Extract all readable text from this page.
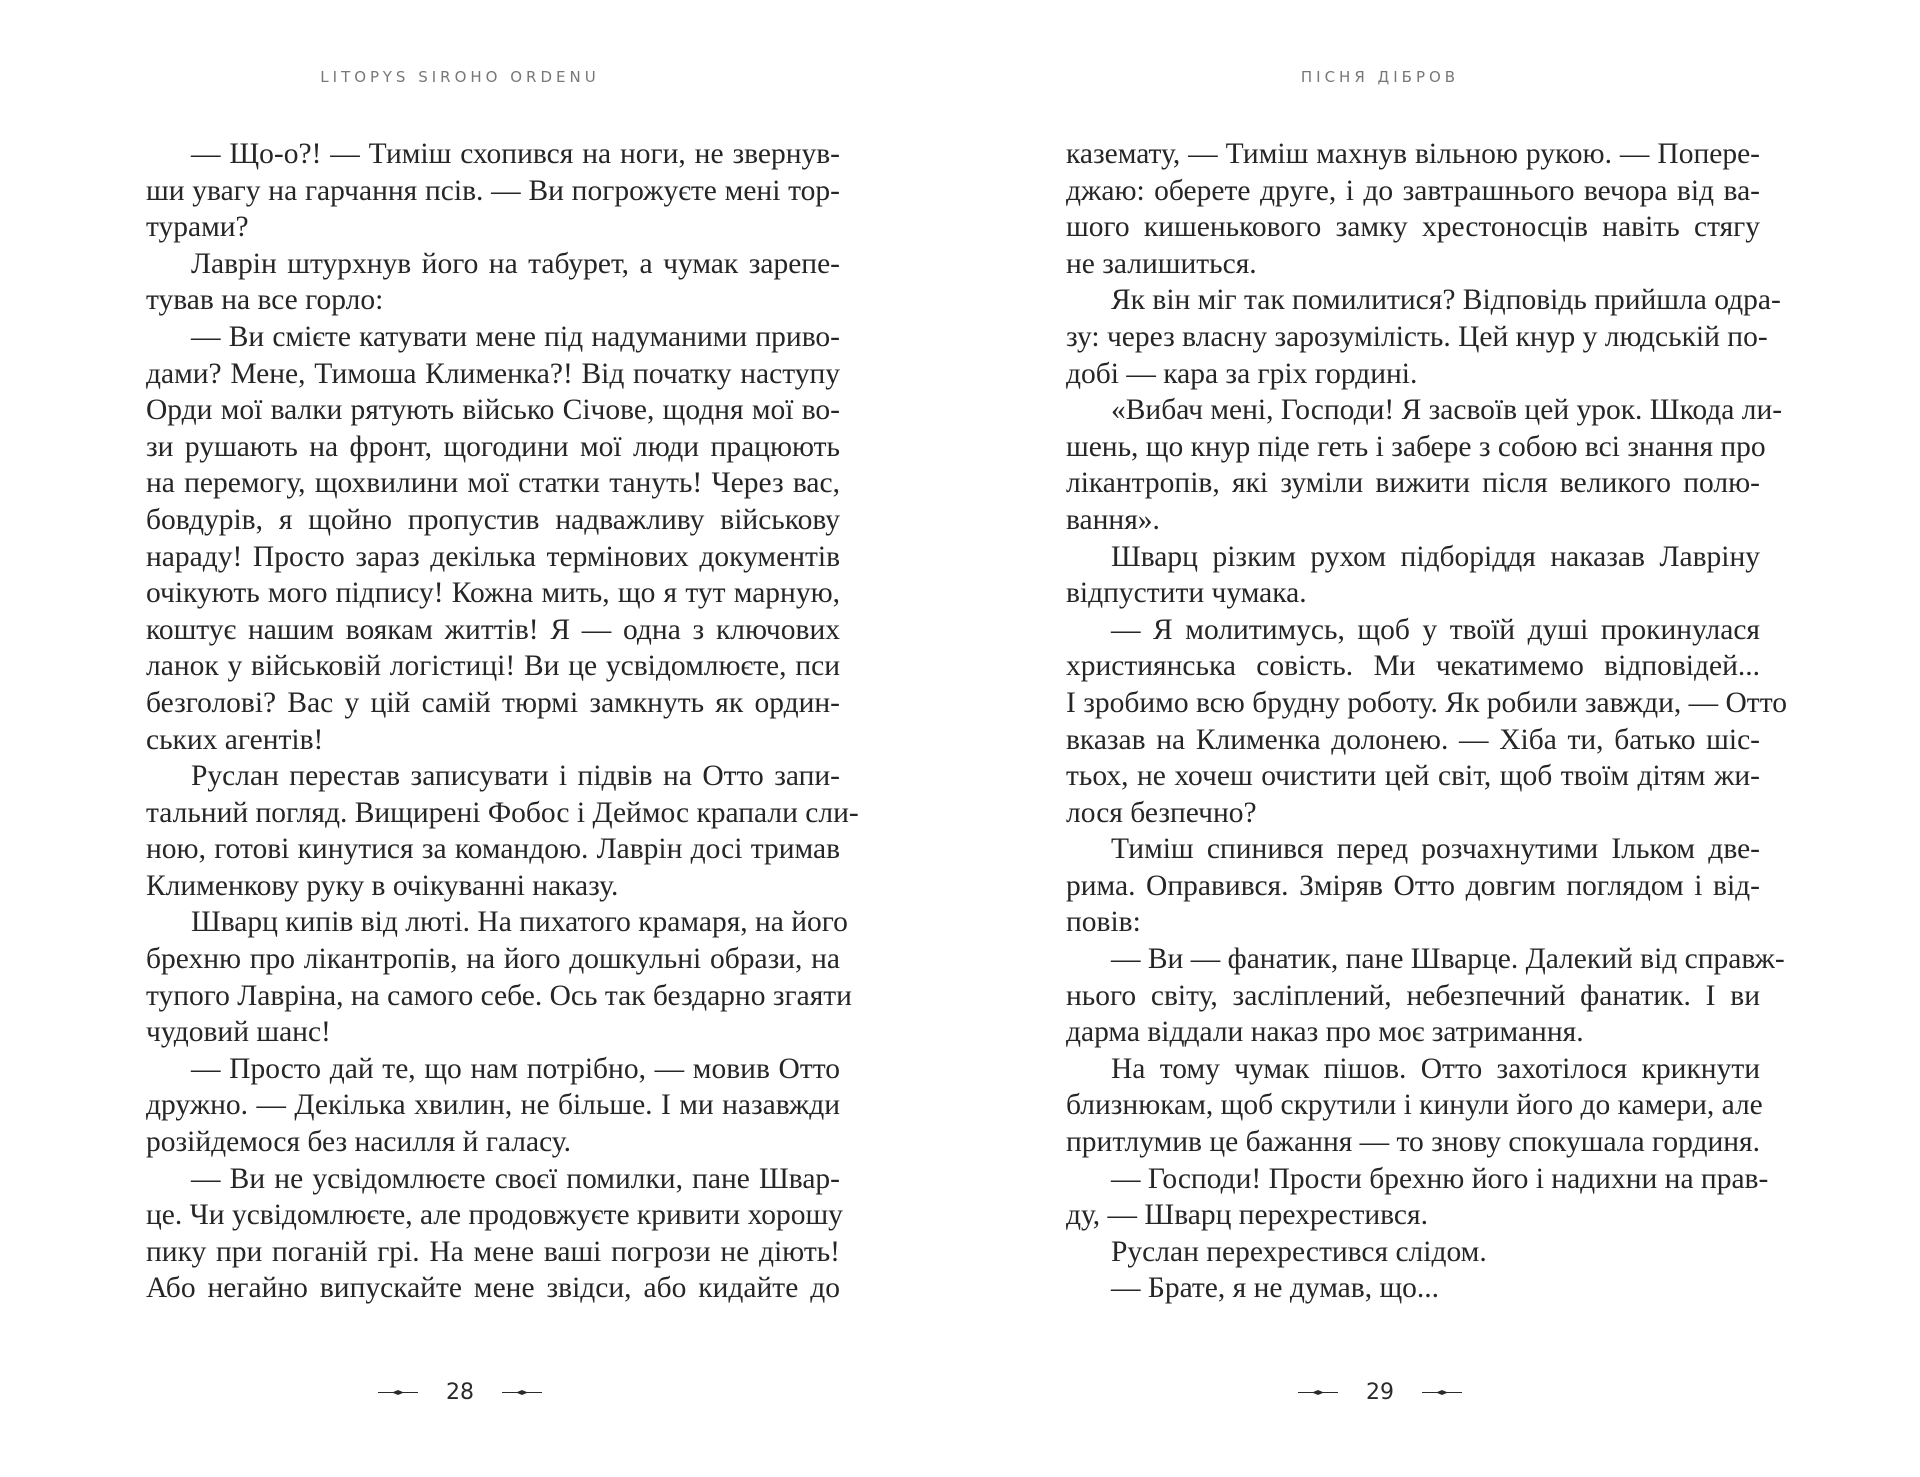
LITOPYS SIROHO ORDENU
— Що-о?! — Тиміш схопився на ноги, не звернув-
ши увагу на гарчання псів. — Ви погрожуєте мені тор-
турами?
Лаврін штурхнув його на табурет, а чумак зарепе-
тував на все горло:
— Ви смієте катувати мене під надуманими приво-
дами? Мене, Тимоша Клименка?! Від початку наступу
Орди мої валки рятують військо Січове, щодня мої во-
зи рушають на фронт, щогодини мої люди працюють
на перемогу, щохвилини мої статки тануть! Через вас,
бовдурів, я щойно пропустив надважливу військову
нараду! Просто зараз декілька термінових документів
очікують мого підпису! Кожна мить, що я тут марную,
коштує нашим воякам життів! Я — одна з ключових
ланок у військовій логістиці! Ви це усвідомлюєте, пси
безголові? Вас у цій самій тюрмі замкнуть як ордин-
ських агентів!
Руслан перестав записувати і підвів на Отто запи-
тальний погляд. Вищирені Фобос і Деймос крапали сли-
ною, готові кинутися за командою. Лаврін досі тримав
Клименкову руку в очікуванні наказу.
Шварц кипів від люті. На пихатого крамаря, на його
брехню про лікантропів, на його дошкульні образи, на
тупого Лавріна, на самого себе. Ось так бездарно згаяти
чудовий шанс!
— Просто дай те, що нам потрібно, — мовив Отто
дружно. — Декілька хвилин, не більше. І ми назавжди
розійдемося без насилля й галасу.
— Ви не усвідомлюєте своєї помилки, пане Швар-
це. Чи усвідомлюєте, але продовжуєте кривити хорошу
пику при поганій грі. На мене ваші погрози не діють!
Або негайно випускайте мене звідси, або кидайте до
28
ПІСНЯ ДІБРОВ
каземату, — Тиміш махнув вільною рукою. — Попере-
джаю: оберете друге, і до завтрашнього вечора від ва-
шого кишенькового замку хрестоносців навіть стягу
не залишиться.
Як він міг так помилитися? Відповідь прийшла одра-
зу: через власну зарозумілість. Цей кнур у людській по-
добі — кара за гріх гордині.
«Вибач мені, Господи! Я засвоїв цей урок. Шкода ли-
шень, що кнур піде геть і забере з собою всі знання про
лікантропів, які зуміли вижити після великого полю-
вання».
Шварц різким рухом підборіддя наказав Лавріну
відпустити чумака.
— Я молитимусь, щоб у твоїй душі прокинулася
християнська совість. Ми чекатимемо відповідей...
І зробимо всю брудну роботу. Як робили завжди, — Отто
вказав на Клименка долонею. — Хіба ти, батько шіс-
тьох, не хочеш очистити цей світ, щоб твоїм дітям жи-
лося безпечно?
Тиміш спинився перед розчахнутими Ільком две-
рима. Оправився. Зміряв Отто довгим поглядом і від-
повів:
— Ви — фанатик, пане Шварце. Далекий від справж-
нього світу, засліплений, небезпечний фанатик. І ви
дарма віддали наказ про моє затримання.
На тому чумак пішов. Отто захотілося крикнути
близнюкам, щоб скрутили і кинули його до камери, але
притлумив це бажання — то знову спокушала гординя.
— Господи! Прости брехню його і надихни на прав-
ду, — Шварц перехрестився.
Руслан перехрестився слідом.
— Брате, я не думав, що...
29
